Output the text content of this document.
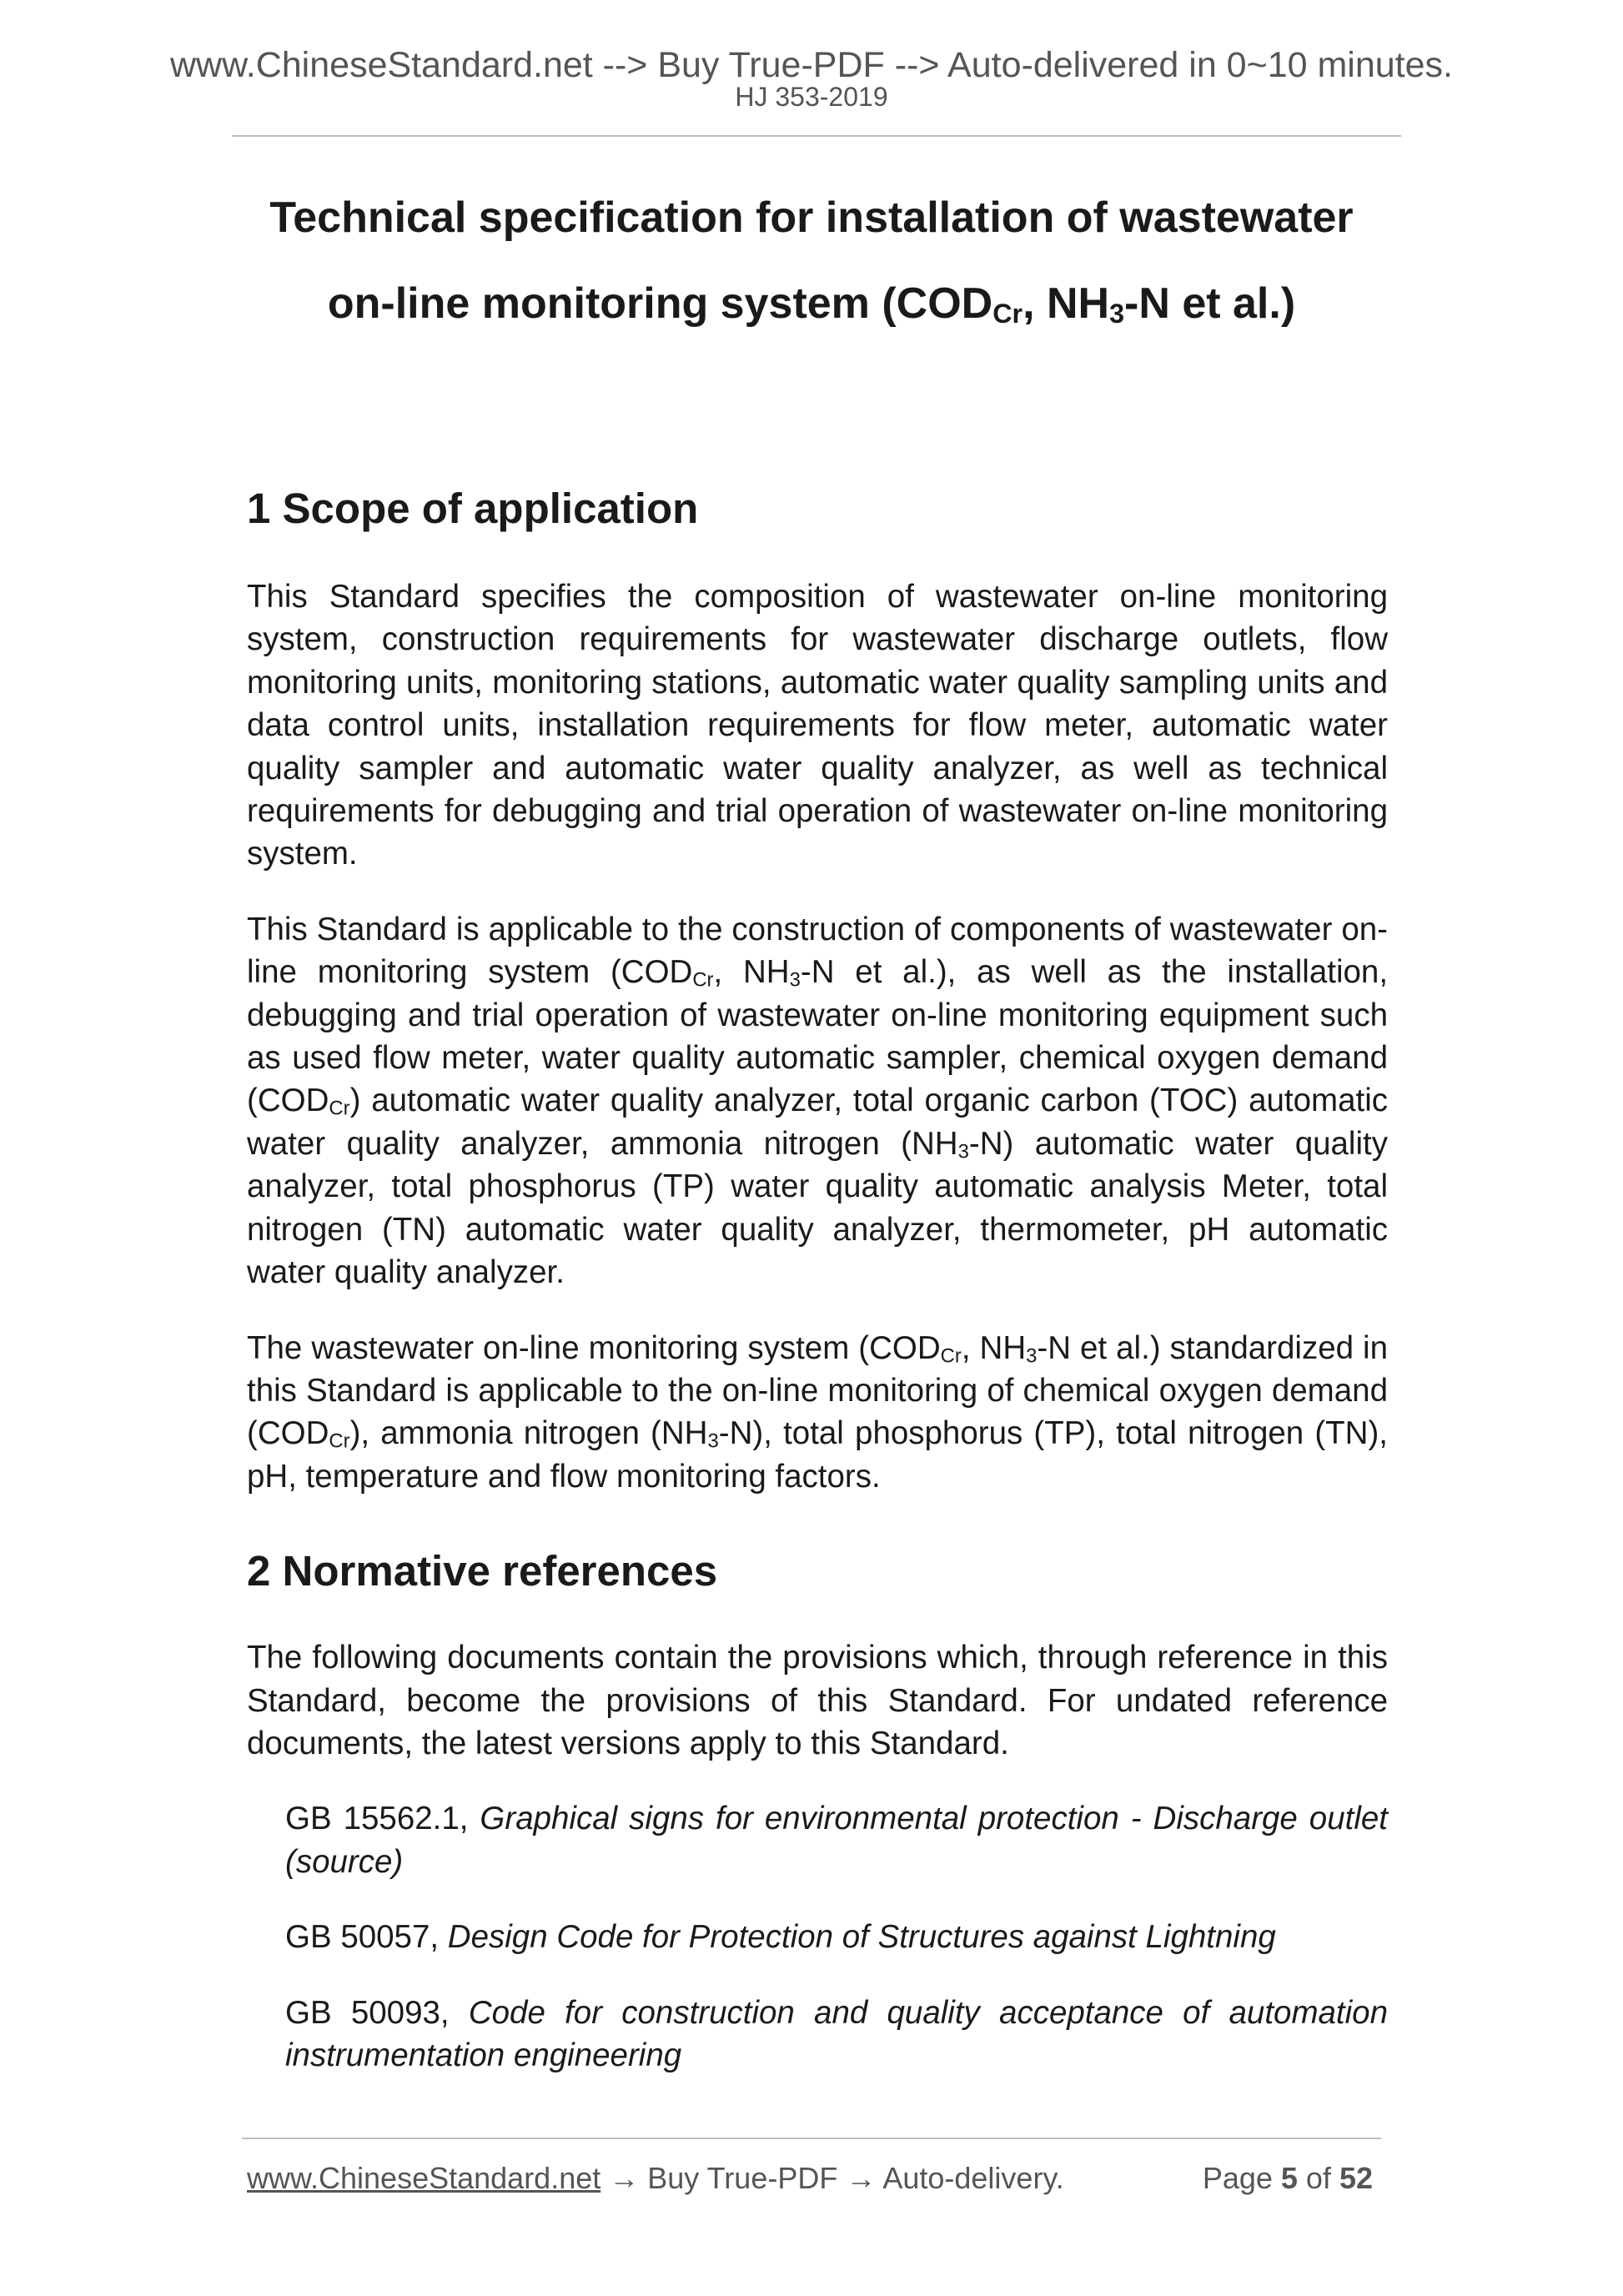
www.ChineseStandard.net --> Buy True-PDF --> Auto-delivered in 0~10 minutes.
HJ 353-2019
Technical specification for installation of wastewater
on-line monitoring system (CODCr, NH3-N et al.)
1 Scope of application

This Standard specifies the composition of wastewater on-line monitoring system, construction requirements for wastewater discharge outlets, flow monitoring units, monitoring stations, automatic water quality sampling units and data control units, installation requirements for flow meter, automatic water quality sampler and automatic water quality analyzer, as well as technical requirements for debugging and trial operation of wastewater on-line monitoring system.

This Standard is applicable to the construction of components of wastewater on-line monitoring system (CODCr, NH3-N et al.), as well as the installation, debugging and trial operation of wastewater on-line monitoring equipment such as used flow meter, water quality automatic sampler, chemical oxygen demand (CODCr) automatic water quality analyzer, total organic carbon (TOC) automatic water quality analyzer, ammonia nitrogen (NH3-N) automatic water quality analyzer, total phosphorus (TP) water quality automatic analysis Meter, total nitrogen (TN) automatic water quality analyzer, thermometer, pH automatic water quality analyzer.

The wastewater on-line monitoring system (CODCr, NH3-N et al.) standardized in this Standard is applicable to the on-line monitoring of chemical oxygen demand (CODCr), ammonia nitrogen (NH3-N), total phosphorus (TP), total nitrogen (TN), pH, temperature and flow monitoring factors.

2 Normative references

The following documents contain the provisions which, through reference in this Standard, become the provisions of this Standard. For undated reference documents, the latest versions apply to this Standard.

GB 15562.1, Graphical signs for environmental protection - Discharge outlet (source)

GB 50057, Design Code for Protection of Structures against Lightning

GB 50093, Code for construction and quality acceptance of automation instrumentation engineering

www.ChineseStandard.net → Buy True-PDF → Auto-delivery.	Page 5 of 52
